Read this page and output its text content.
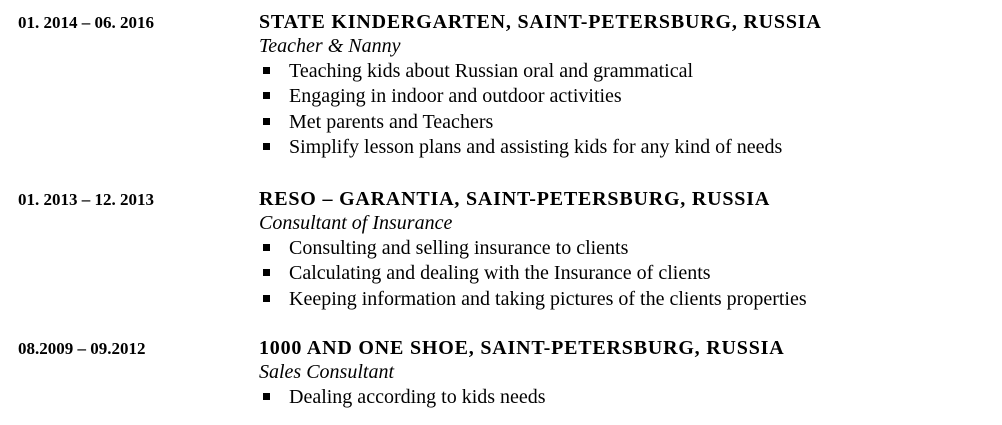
01. 2014 – 06. 2016	STATE KINDERGARTEN, SAINT-PETERSBURG, RUSSIA
Teacher & Nanny
Teaching kids about Russian oral and grammatical
Engaging in indoor and outdoor activities
Met parents and Teachers
Simplify lesson plans and assisting kids for any kind of needs
01. 2013 – 12. 2013	RESO – GARANTIA, SAINT-PETERSBURG, RUSSIA
Consultant of Insurance
Consulting and selling insurance to clients
Calculating and dealing with the Insurance of clients
Keeping information and taking pictures of the clients properties
08.2009 – 09.2012	1000 AND ONE SHOE, SAINT-PETERSBURG, RUSSIA
Sales Consultant
Dealing according to kids needs
